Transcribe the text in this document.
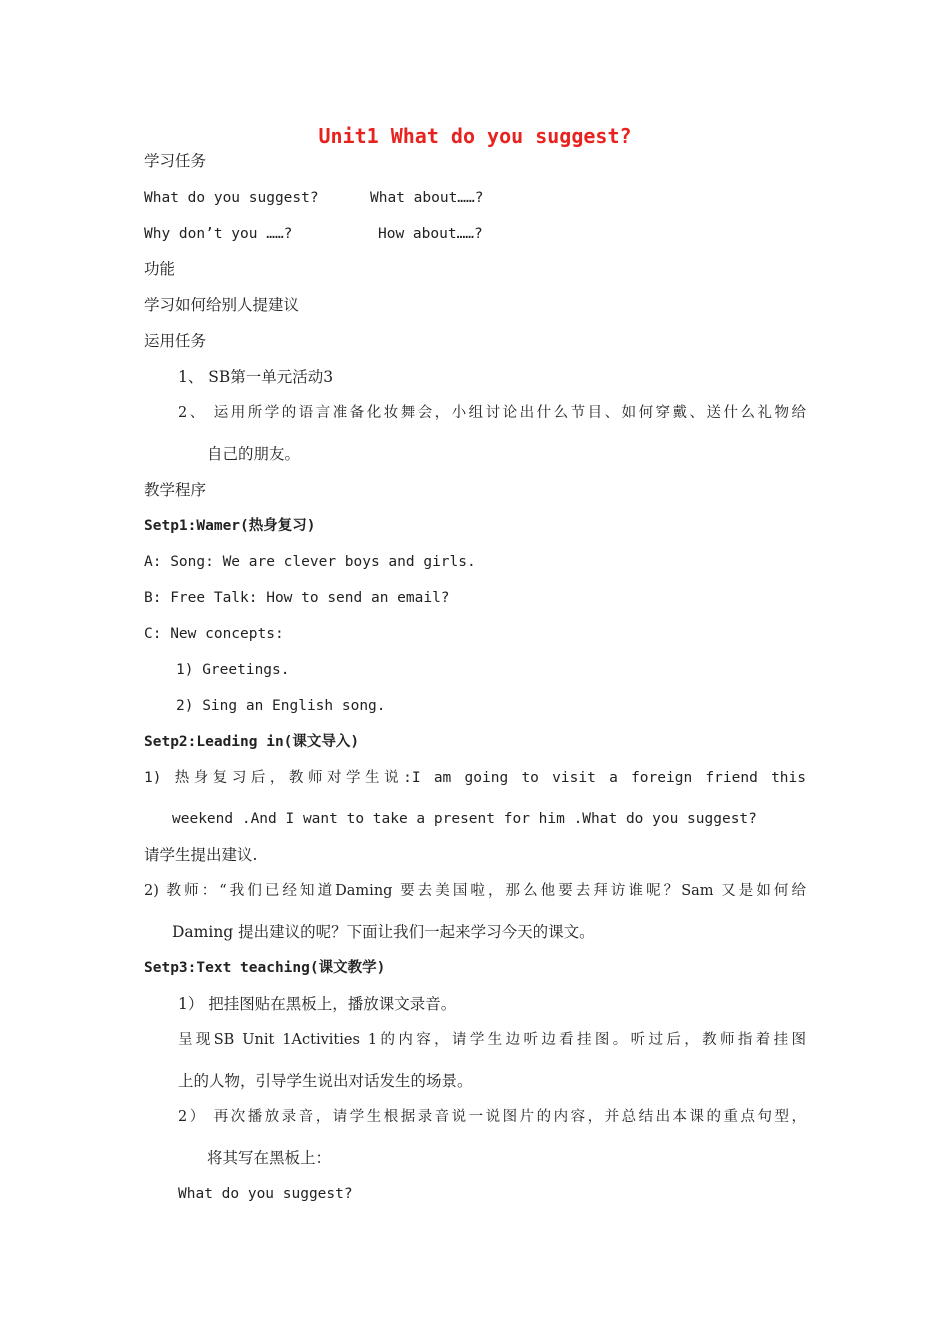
Unit1 What do you suggest?
学习任务
What do you suggest?	What about……?
Why don’t you ……?	How about……?
功能
学习如何给别人提建议
运用任务
1、 SB第一单元活动3
2、 运用所学的语言准备化妆舞会，小组讨论出什么节目、如何穿戴、送什么礼物给
自己的朋友。
教学程序
Setp1:Wamer(热身复习)
A: Song: We are clever boys and girls.
B: Free Talk: How to send an email?
C: New concepts:
1) Greetings.
2) Sing an English song.
Setp2:Leading in(课文导入)
1) 热身复习后，教师对学生说:I am going to visit a foreign friend this
weekend .And I want to take a present for him .What do you suggest?
请学生提出建议.
2) 教师：“我们已经知道Daming 要去美国啦，那么他要去拜访谁呢？Sam 又是如何给
Daming 提出建议的呢？下面让我们一起来学习今天的课文。
Setp3:Text teaching(课文教学)
1） 把挂图贴在黑板上，播放课文录音。
呈现SB Unit 1Activities 1的内容，请学生边听边看挂图。听过后，教师指着挂图
上的人物，引导学生说出对话发生的场景。
2） 再次播放录音，请学生根据录音说一说图片的内容，并总结出本课的重点句型，
将其写在黑板上：
What do you suggest?
